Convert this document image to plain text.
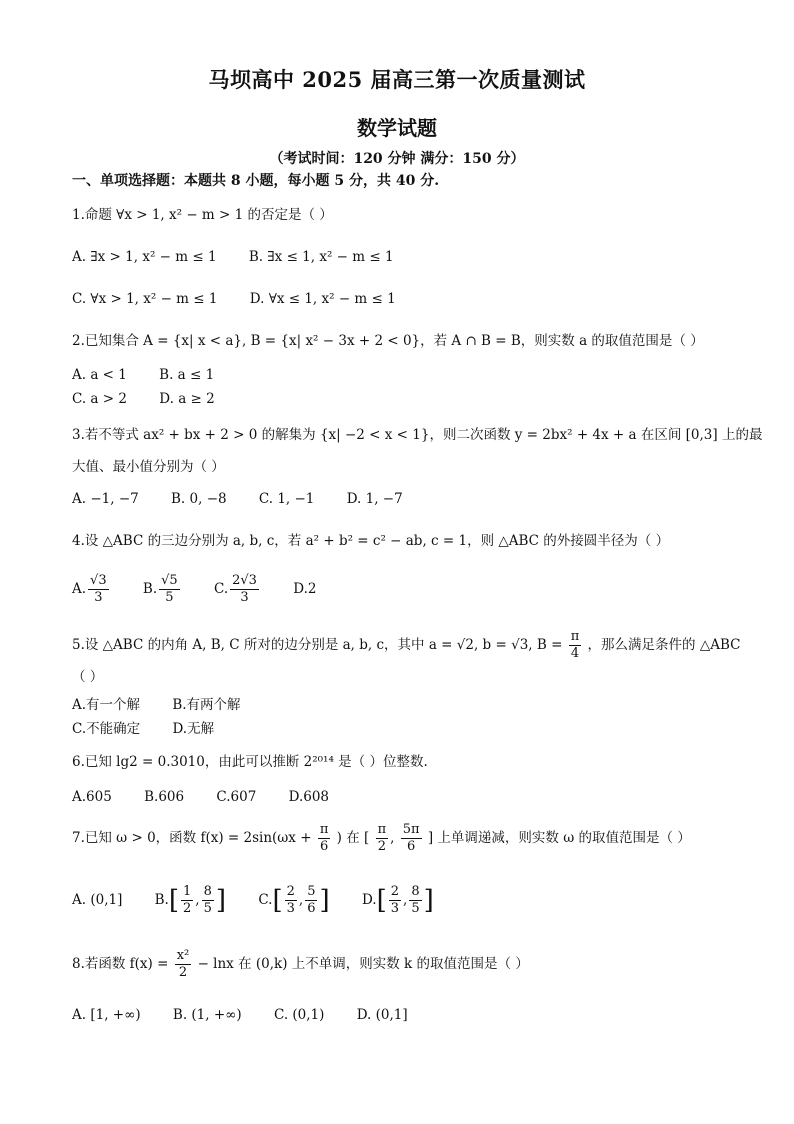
马坝高中 2025 届高三第一次质量测试
数学试题
（考试时间：120 分钟 满分：150 分）
一、单项选择题：本题共 8 小题，每小题 5 分，共 40 分.
1.命题 ∀x > 1, x² − m > 1 的否定是（ ）
A. ∃x > 1, x² − m ≤ 1 B. ∃x ≤ 1, x² − m ≤ 1
C. ∀x > 1, x² − m ≤ 1 D. ∀x ≤ 1, x² − m ≤ 1
2.已知集合 A = {x| x < a}, B = {x| x² − 3x + 2 < 0}，若 A ∩ B = B，则实数 a 的取值范围是（ ）
A. a < 1 B. a ≤ 1
C. a > 2 D. a ≥ 2
3.若不等式 ax² + bx + 2 > 0 的解集为 {x| −2 < x < 1}，则二次函数 y = 2bx² + 4x + a 在区间 [0,3] 上的最
大值、最小值分别为（ ）
A. −1, −7 B. 0, −8 C. 1, −1 D. 1, −7
4.设 △ABC 的三边分别为 a, b, c，若 a² + b² = c² − ab, c = 1，则 △ABC 的外接圆半径为（ ）
A. $\frac{√3}{3}$	B. $\frac{√5}{5}$	C. $\frac{2√3}{3}$	D.2
5.设 △ABC 的内角 A, B, C 所对的边分别是 a, b, c，其中 a = √2, b = √3, $B = \frac{\pi}{4}$ ，那么满足条件的 △ABC
（ ）
A.有一个解 B.有两个解
C.不能确定 D.无解
6.已知 lg2 = 0.3010，由此可以推断 2²⁰¹⁴ 是（ ）位整数.
A.605 B.606 C.607 D.608
7.已知 ω > 0，函数 $f(x) = 2\sin(\omega x + \frac{\pi}{6}$ ) 在 [ $\frac{\pi}{2}$ , $\frac{5\pi}{6}$ ] 上单调递减，则实数 ω 的取值范围是（ ）
A. (0,1] $B.[ \frac{1}{2}$ , $\frac{8}{5}$ ] $C.[ \frac{2}{3}$ , $\frac{5}{6}$ ] $D.[ \frac{2}{3}$ , $\frac{8}{5}$ ]
8.若函数 $f(x) = \frac{\text{x²}}{2} - \ln x$ 在 (0,k) 上不单调，则实数 k 的取值范围是（ ）
A. [1, +∞) B. (1, +∞) C. (0,1) D. (0,1]
